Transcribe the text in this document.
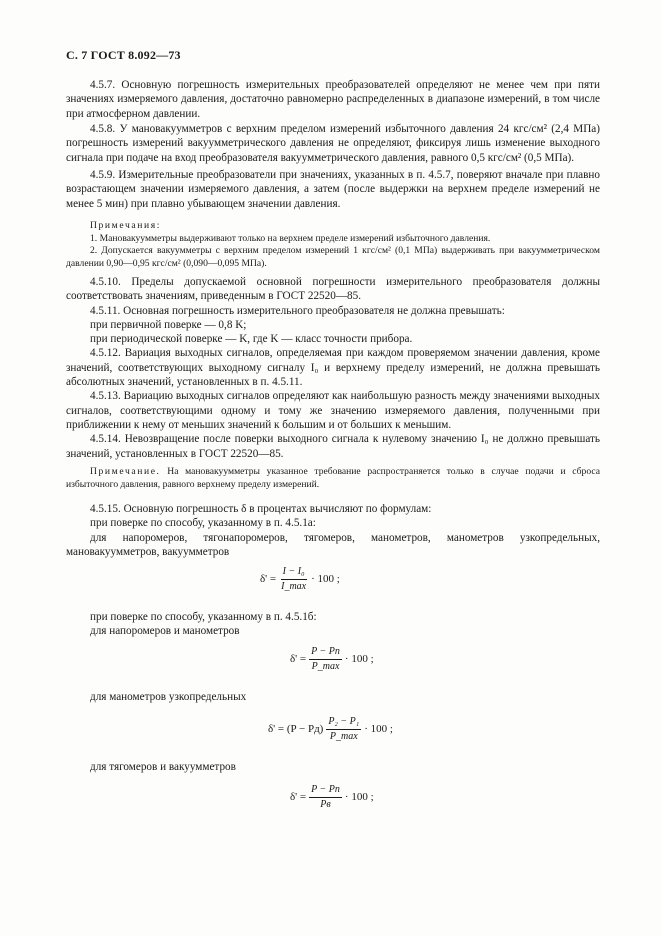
С. 7 ГОСТ 8.092—73

4.5.7. Основную погрешность измерительных преобразователей определяют не менее чем при пяти значениях измеряемого давления, достаточно равномерно распределенных в диапазоне измерений, в том числе при атмосферном давлении.

4.5.8. У мановакуумметров с верхним пределом измерений избыточного давления 24 кгс/см² (2,4 МПа) погрешность измерений вакуумметрического давления не определяют, фиксируя лишь изменение выходного сигнала при подаче на вход преобразователя вакуумметрического давления, равного 0,5 кгс/см² (0,5 МПа).

4.5.9. Измерительные преобразователи при значениях, указанных в п. 4.5.7, поверяют вначале при плавно возрастающем значении измеряемого давления, а затем (после выдержки на верхнем пределе измерений не менее 5 мин) при плавно убывающем значении давления.

Примечания:

1. Мановакуумметры выдерживают только на верхнем пределе измерений избыточного давления.

2. Допускается вакуумметры с верхним пределом измерений 1 кгс/см² (0,1 МПа) выдерживать при вакуумметрическом давлении 0,90—0,95 кгс/см² (0,090—0,095 МПа).

4.5.10. Пределы допускаемой основной погрешности измерительного преобразователя должны соответствовать значениям, приведенным в ГОСТ 22520—85.

4.5.11. Основная погрешность измерительного преобразователя не должна превышать:

при первичной поверке — 0,8 K;

при периодической поверке — K, где K — класс точности прибора.

4.5.12. Вариация выходных сигналов, определяемая при каждом проверяемом значении давления, кроме значений, соответствующих выходному сигналу I₀ и верхнему пределу измерений, не должна превышать абсолютных значений, установленных в п. 4.5.11.

4.5.13. Вариацию выходных сигналов определяют как наибольшую разность между значениями выходных сигналов, соответствующими одному и тому же значению измеряемого давления, полученными при приближении к нему от меньших значений к большим и от больших к меньшим.

4.5.14. Невозвращение после поверки выходного сигнала к нулевому значению I₀ не должно превышать значений, установленных в ГОСТ 22520—85.

Примечание. На мановакуумметры указанное требование распространяется только в случае подачи и сброса избыточного давления, равного верхнему пределу измерений.

4.5.15. Основную погрешность δ в процентах вычисляют по формулам:

при поверке по способу, указанному в п. 4.5.1а:

для напоромеров, тягонапоромеров, тягомеров, манометров, манометров узкопредельных, мановакуумметров, вакуумметров

$\delta' = \frac{\text{I − I₀}}{I\_\max} \cdot 100$ ;

при поверке по способу, указанному в п. 4.5.1б:

для напоромеров и манометров

$\delta' = \frac{P - Pп}{P\_\max} \cdot 100$ ;

для манометров узкопредельных

$\delta' = (P - Pд) \frac{\text{P₂ − P₁}}{P\_\max} \cdot 100$ ;

для тягомеров и вакуумметров

$\delta' = \frac{P - Pп}{Pв} \cdot 100$ ;
